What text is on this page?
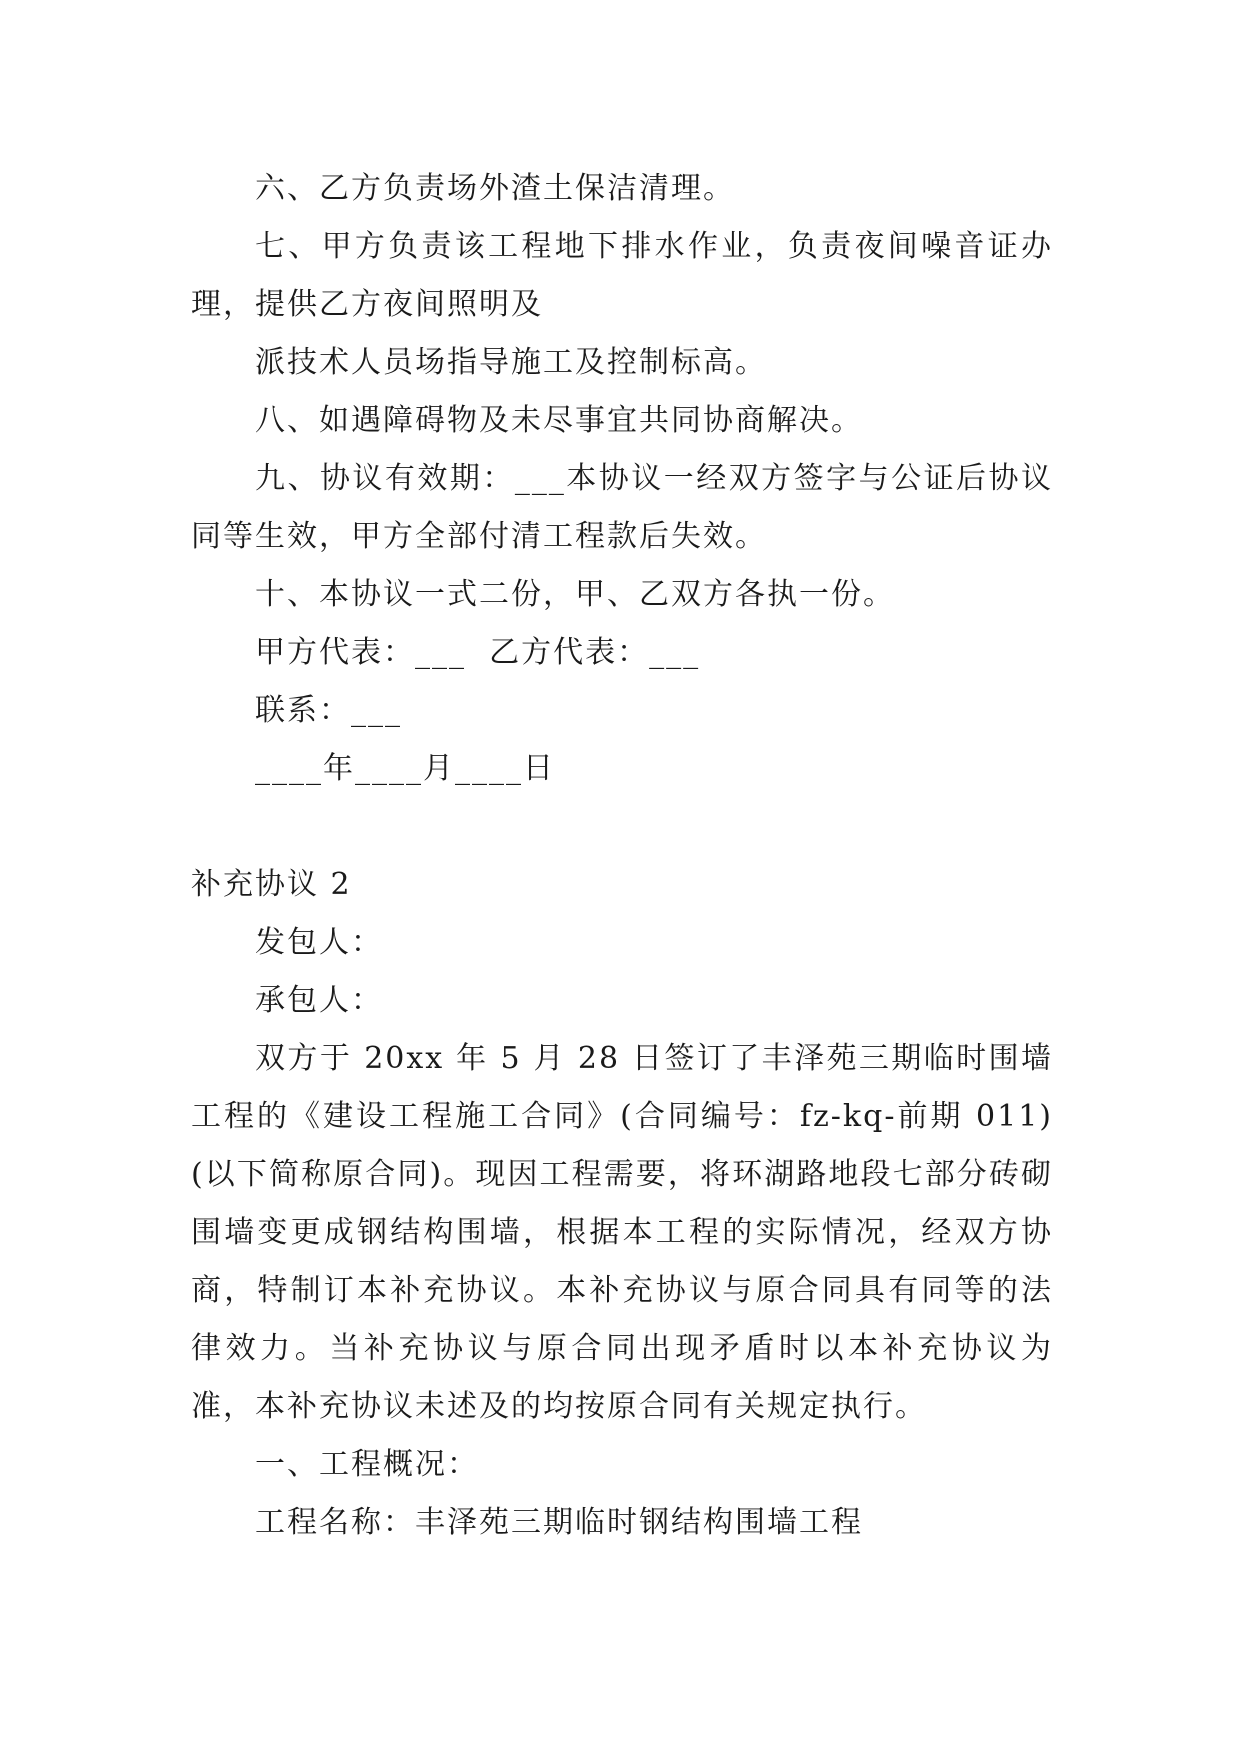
六、乙方负责场外渣土保洁清理。

七、甲方负责该工程地下排水作业，负责夜间噪音证办理，提供乙方夜间照明及

派技术人员场指导施工及控制标高。

八、如遇障碍物及未尽事宜共同协商解决。

九、协议有效期：___本协议一经双方签字与公证后协议同等生效，甲方全部付清工程款后失效。

十、本协议一式二份，甲、乙双方各执一份。

甲方代表：___  乙方代表：___

联系：___

____年____月____日

补充协议 2

发包人：

承包人：

双方于 20xx 年 5 月 28 日签订了丰泽苑三期临时围墙工程的《建设工程施工合同》(合同编号：fz-kq-前期 011)(以下简称原合同)。现因工程需要，将环湖路地段七部分砖砌围墙变更成钢结构围墙，根据本工程的实际情况，经双方协商，特制订本补充协议。本补充协议与原合同具有同等的法律效力。当补充协议与原合同出现矛盾时以本补充协议为准，本补充协议未述及的均按原合同有关规定执行。

一、工程概况：

工程名称：丰泽苑三期临时钢结构围墙工程
